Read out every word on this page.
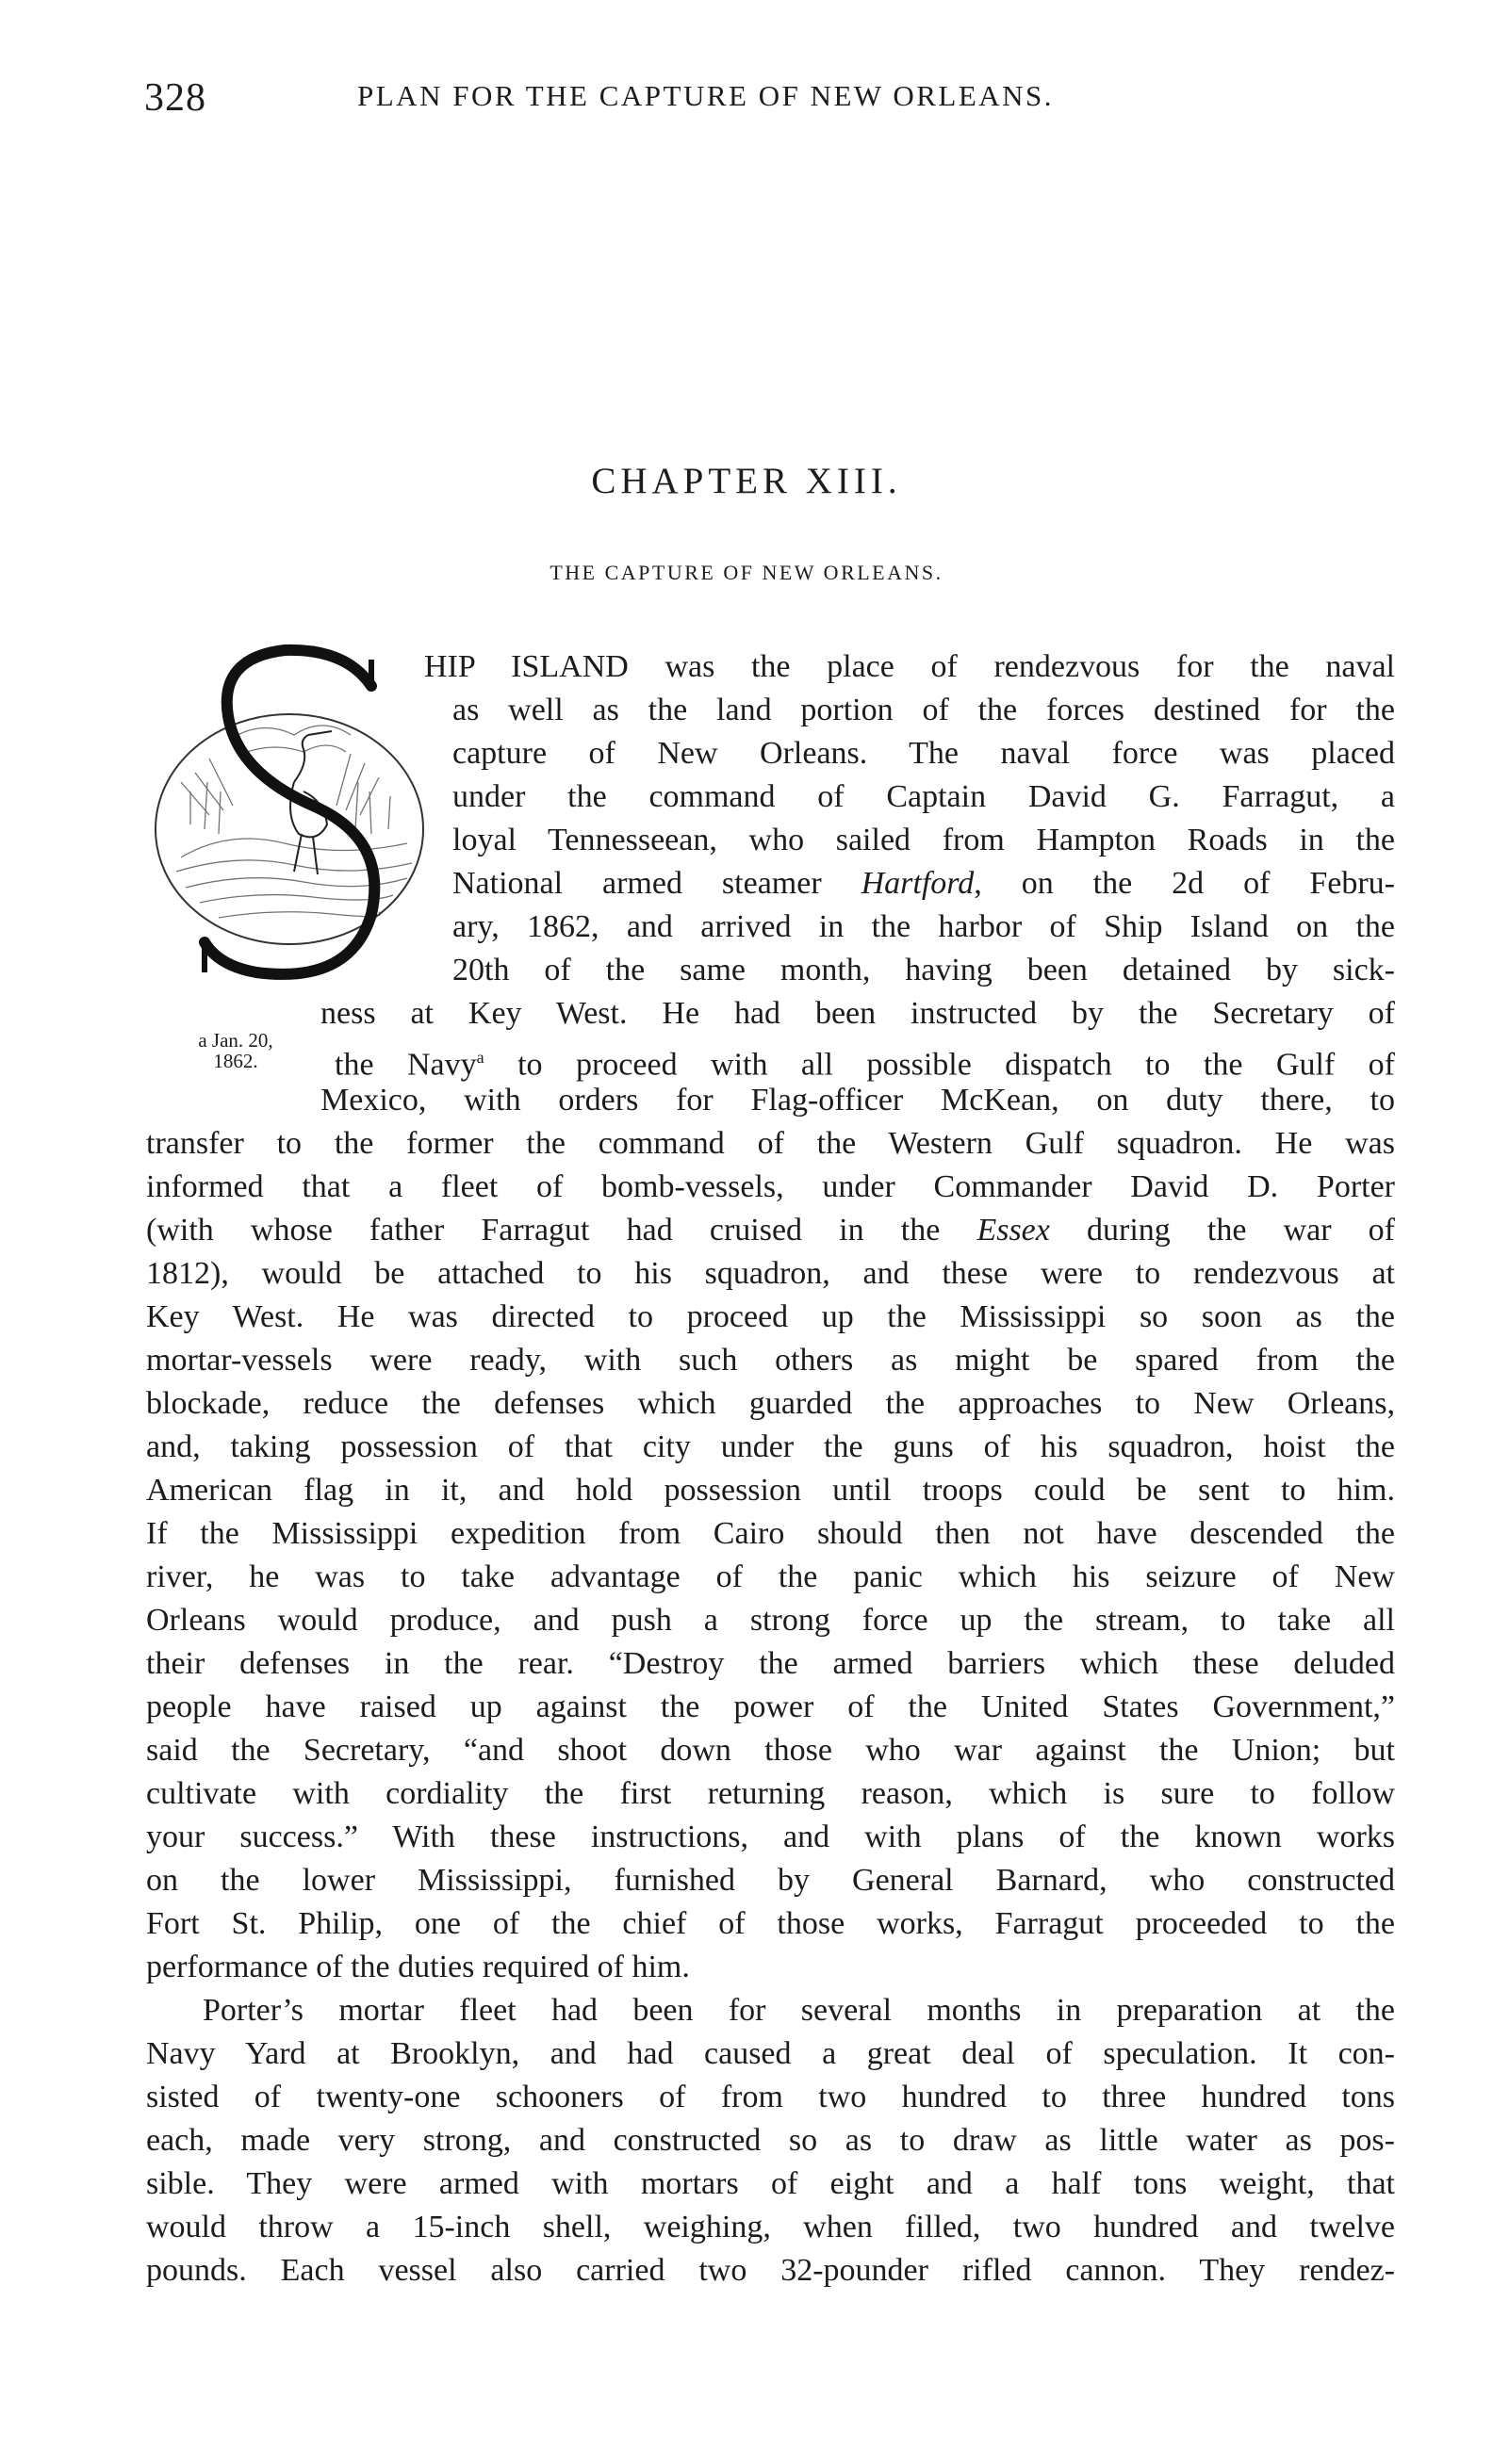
328	PLAN FOR THE CAPTURE OF NEW ORLEANS.
CHAPTER XIII.
THE CAPTURE OF NEW ORLEANS.
a Jan. 20,
1862.
HIP ISLAND was the place of rendezvous for the naval
as well as the land portion of the forces destined for the
capture of New Orleans. The naval force was placed
under the command of Captain David G. Farragut, a
loyal Tennesseean, who sailed from Hampton Roads in the
National armed steamer Hartford, on the 2d of Febru-
ary, 1862, and arrived in the harbor of Ship Island on the
20th of the same month, having been detained by sick-
ness at Key West. He had been instructed by the Secretary of
the Navy$^a$ to proceed with all possible dispatch to the Gulf of
Mexico, with orders for Flag-officer McKean, on duty there, to
transfer to the former the command of the Western Gulf squadron. He was
informed that a fleet of bomb-vessels, under Commander David D. Porter
(with whose father Farragut had cruised in the Essex during the war of
1812), would be attached to his squadron, and these were to rendezvous at
Key West. He was directed to proceed up the Mississippi so soon as the
mortar-vessels were ready, with such others as might be spared from the
blockade, reduce the defenses which guarded the approaches to New Orleans,
and, taking possession of that city under the guns of his squadron, hoist the
American flag in it, and hold possession until troops could be sent to him.
If the Mississippi expedition from Cairo should then not have descended the
river, he was to take advantage of the panic which his seizure of New
Orleans would produce, and push a strong force up the stream, to take all
their defenses in the rear. “Destroy the armed barriers which these deluded
people have raised up against the power of the United States Government,”
said the Secretary, “and shoot down those who war against the Union; but
cultivate with cordiality the first returning reason, which is sure to follow
your success.” With these instructions, and with plans of the known works
on the lower Mississippi, furnished by General Barnard, who constructed
Fort St. Philip, one of the chief of those works, Farragut proceeded to the
performance of the duties required of him.
Porter’s mortar fleet had been for several months in preparation at the
Navy Yard at Brooklyn, and had caused a great deal of speculation. It con-
sisted of twenty-one schooners of from two hundred to three hundred tons
each, made very strong, and constructed so as to draw as little water as pos-
sible. They were armed with mortars of eight and a half tons weight, that
would throw a 15-inch shell, weighing, when filled, two hundred and twelve
pounds. Each vessel also carried two 32-pounder rifled cannon. They rendez-
